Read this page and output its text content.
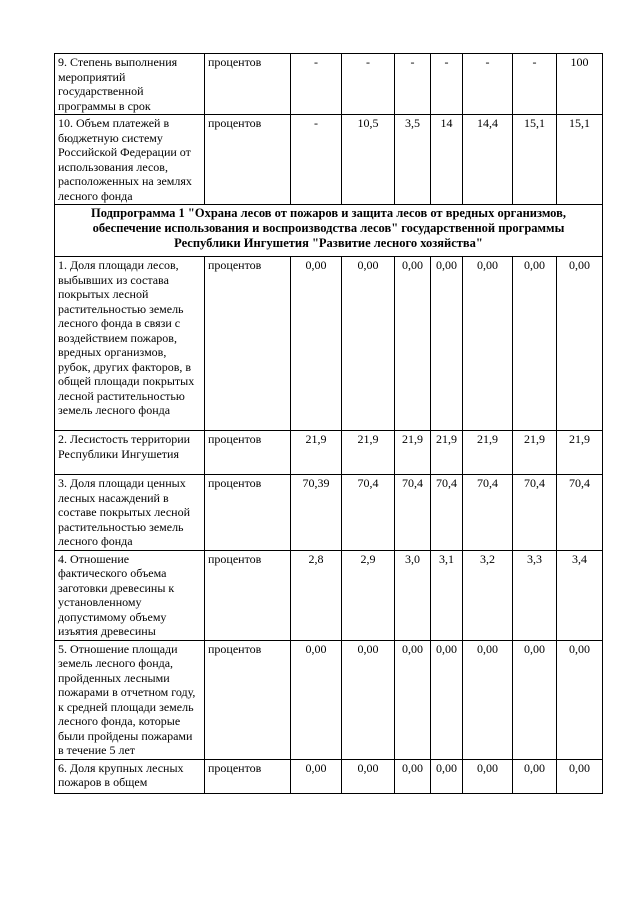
9. Степень выполнения мероприятий государственной программы в срок	процентов	-	-	-	-	-	-	100
10. Объем платежей в бюджетную систему Российской Федерации от использования лесов, расположенных на землях лесного фонда	процентов	-	10,5	3,5	14	14,4	15,1	15,1
Подпрограмма 1 "Охрана лесов от пожаров и защита лесов от вредных организмов, обеспечение использования и воспроизводства лесов" государственной программы Республики Ингушетия "Развитие лесного хозяйства"								
1. Доля площади лесов, выбывших из состава покрытых лесной растительностью земель лесного фонда в связи с воздействием пожаров, вредных организмов, рубок, других факторов, в общей площади покрытых лесной растительностью земель лесного фонда	процентов	0,00	0,00	0,00	0,00	0,00	0,00	0,00
2. Лесистость территории Республики Ингушетия	процентов	21,9	21,9	21,9	21,9	21,9	21,9	21,9
3. Доля площади ценных лесных насаждений в составе покрытых лесной растительностью земель лесного фонда	процентов	70,39	70,4	70,4	70,4	70,4	70,4	70,4
4. Отношение фактического объема заготовки древесины к установленному допустимому объему изъятия древесины	процентов	2,8	2,9	3,0	3,1	3,2	3,3	3,4
5. Отношение площади земель лесного фонда, пройденных лесными пожарами в отчетном году, к средней площади земель лесного фонда, которые были пройдены пожарами в течение 5 лет	процентов	0,00	0,00	0,00	0,00	0,00	0,00	0,00
6. Доля крупных лесных пожаров в общем	процентов	0,00	0,00	0,00	0,00	0,00	0,00	0,00
